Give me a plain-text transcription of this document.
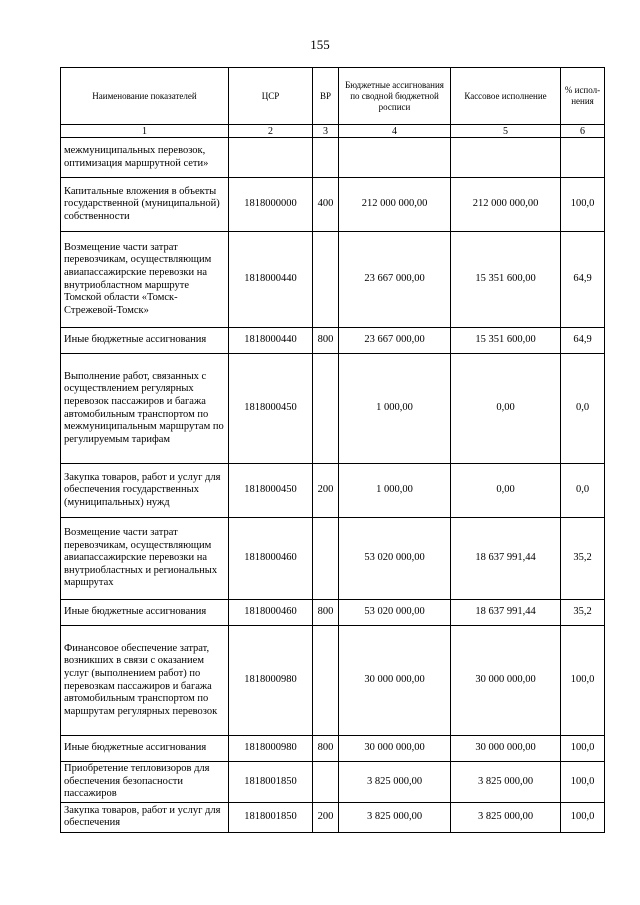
155
Наименование показателей	ЦСР	ВР	Бюджетные ассигнования по сводной бюджетной росписи	Кассовое исполнение	% испол-нения
1	2	3	4	5	6
межмуниципальных перевозок, оптимизация маршрутной сети»					
Капитальные вложения в объекты государственной (муниципальной) собственности	1818000000	400	212 000 000,00	212 000 000,00	100,0
Возмещение части затрат перевозчикам, осуществляющим авиапассажирские перевозки на внутриобластном маршруте Томской области «Томск-Стрежевой-Томск»	1818000440		23 667 000,00	15 351 600,00	64,9
Иные бюджетные ассигнования	1818000440	800	23 667 000,00	15 351 600,00	64,9
Выполнение работ, связанных с осуществлением регулярных перевозок пассажиров и багажа автомобильным транспортом по межмуниципальным маршрутам по регулируемым тарифам	1818000450		1 000,00	0,00	0,0
Закупка товаров, работ и услуг для обеспечения государственных (муниципальных) нужд	1818000450	200	1 000,00	0,00	0,0
Возмещение части затрат перевозчикам, осуществляющим авиапассажирские перевозки на внутриобластных и региональных маршрутах	1818000460		53 020 000,00	18 637 991,44	35,2
Иные бюджетные ассигнования	1818000460	800	53 020 000,00	18 637 991,44	35,2
Финансовое обеспечение затрат, возникших в связи с оказанием услуг (выполнением работ) по перевозкам пассажиров и багажа автомобильным транспортом по маршрутам регулярных перевозок	1818000980		30 000 000,00	30 000 000,00	100,0
Иные бюджетные ассигнования	1818000980	800	30 000 000,00	30 000 000,00	100,0
Приобретение тепловизоров для обеспечения безопасности пассажиров	1818001850		3 825 000,00	3 825 000,00	100,0
Закупка товаров, работ и услуг для обеспечения	1818001850	200	3 825 000,00	3 825 000,00	100,0
